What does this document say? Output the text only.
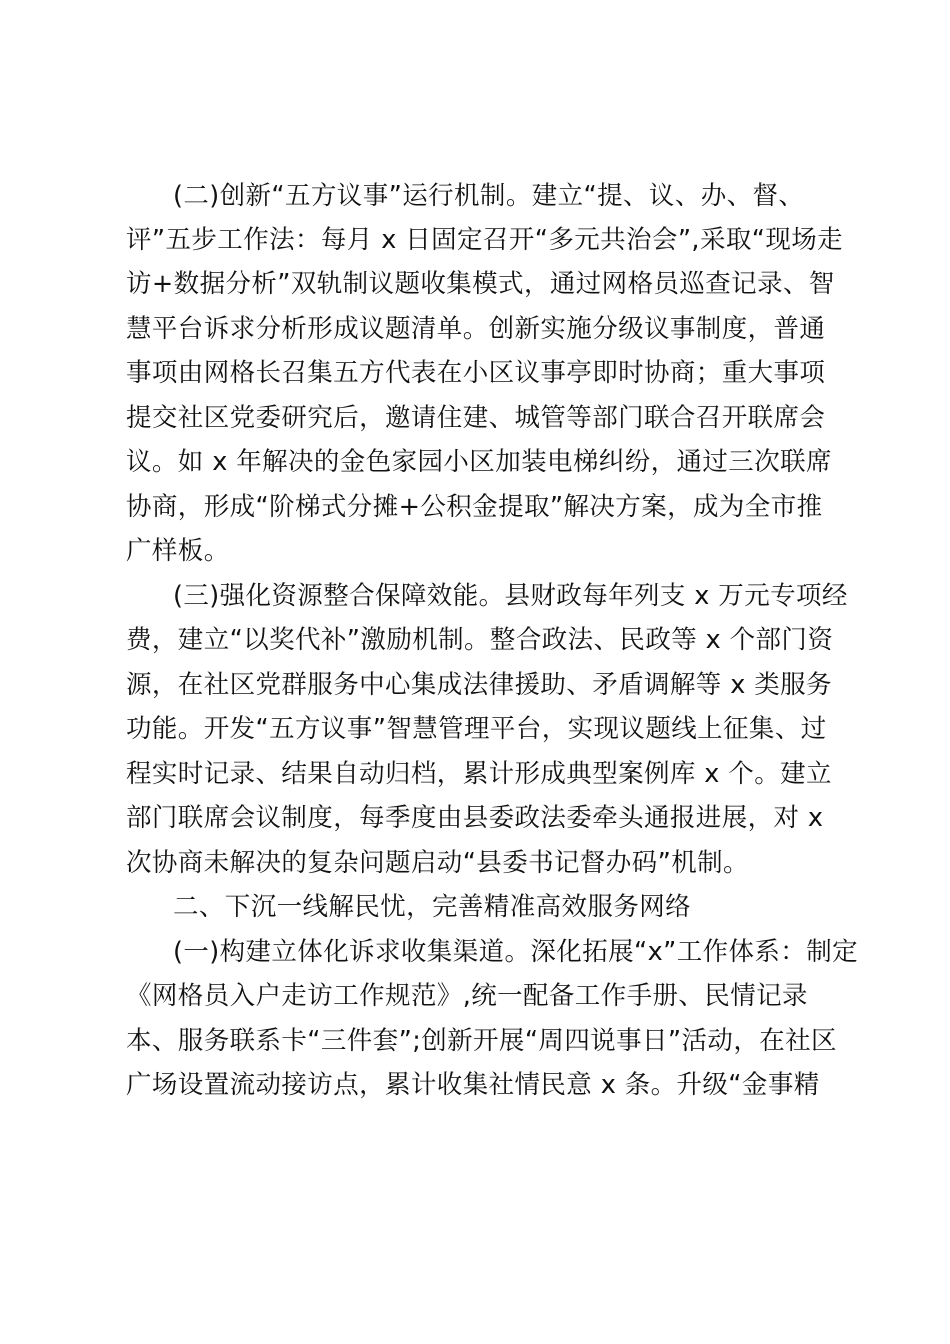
(二)创新“五方议事”运行机制。建立“提、议、办、督、
评”五步工作法：每月 x 日固定召开“多元共治会”,采取“现场走
访+数据分析”双轨制议题收集模式，通过网格员巡查记录、智
慧平台诉求分析形成议题清单。创新实施分级议事制度，普通
事项由网格长召集五方代表在小区议事亭即时协商；重大事项
提交社区党委研究后，邀请住建、城管等部门联合召开联席会
议。如 x 年解决的金色家园小区加装电梯纠纷，通过三次联席
协商，形成“阶梯式分摊+公积金提取”解决方案，成为全市推
广样板。
(三)强化资源整合保障效能。县财政每年列支 x 万元专项经
费，建立“以奖代补”激励机制。整合政法、民政等 x 个部门资
源，在社区党群服务中心集成法律援助、矛盾调解等 x 类服务
功能。开发“五方议事”智慧管理平台，实现议题线上征集、过
程实时记录、结果自动归档，累计形成典型案例库 x 个。建立
部门联席会议制度，每季度由县委政法委牵头通报进展，对 x
次协商未解决的复杂问题启动“县委书记督办码”机制。
二、下沉一线解民忧，完善精准高效服务网络
(一)构建立体化诉求收集渠道。深化拓展“x”工作体系：制定
《网格员入户走访工作规范》,统一配备工作手册、民情记录
本、服务联系卡“三件套”;创新开展“周四说事日”活动，在社区
广场设置流动接访点，累计收集社情民意 x 条。升级“金事精
